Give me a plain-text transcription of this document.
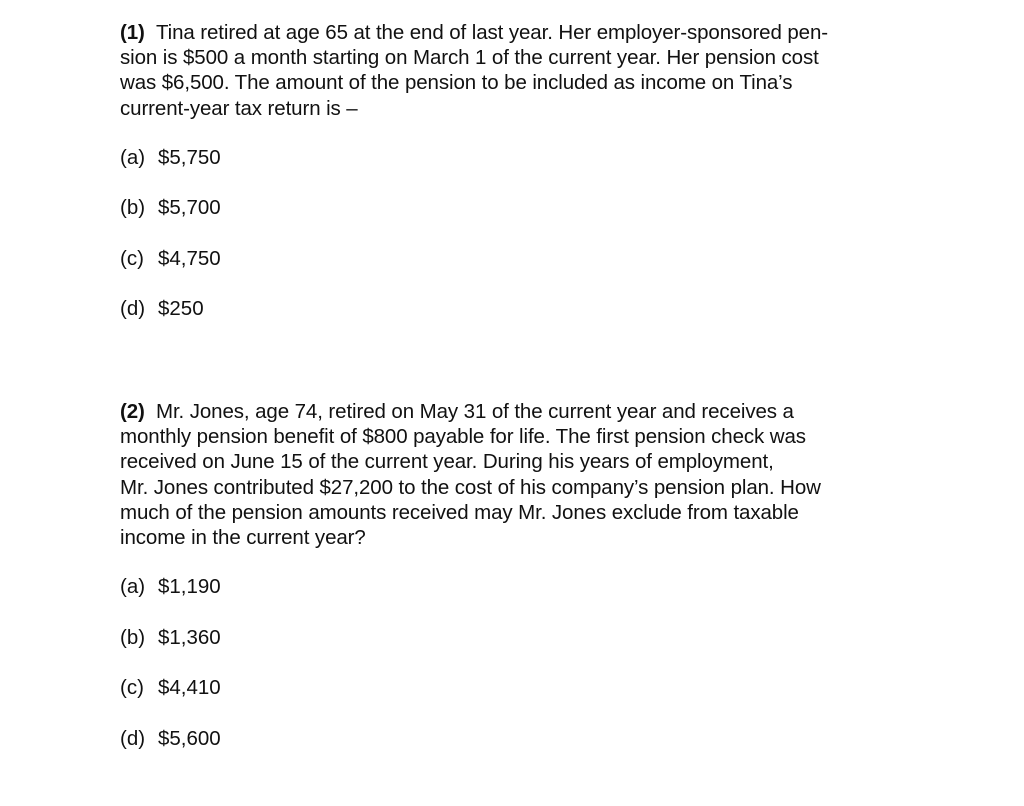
(1) Tina retired at age 65 at the end of last year. Her employer-sponsored pen-
sion is $500 a month starting on March 1 of the current year. Her pension cost
was $6,500. The amount of the pension to be included as income on Tina’s
current-year tax return is –

(a) $5,750
(b) $5,700
(c) $4,750
(d) $250

(2) Mr. Jones, age 74, retired on May 31 of the current year and receives a
monthly pension benefit of $800 payable for life. The first pension check was
received on June 15 of the current year. During his years of employment,
Mr. Jones contributed $27,200 to the cost of his company’s pension plan. How
much of the pension amounts received may Mr. Jones exclude from taxable
income in the current year?

(a) $1,190
(b) $1,360
(c) $4,410
(d) $5,600
